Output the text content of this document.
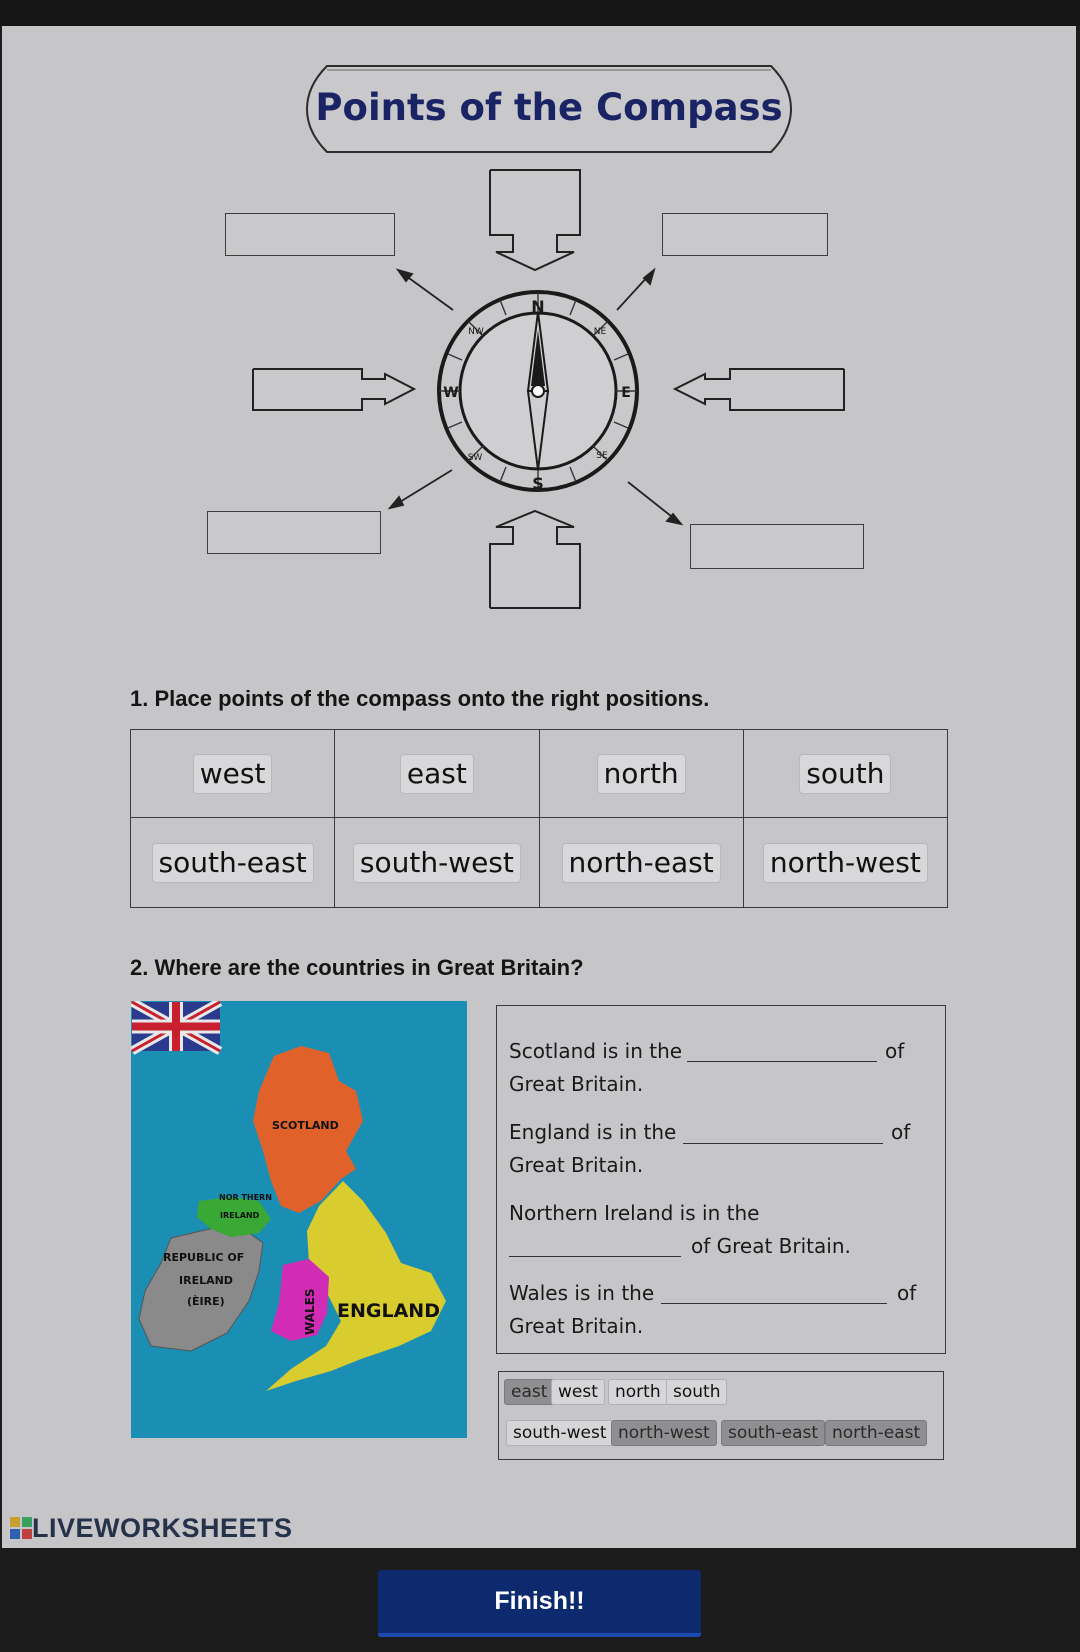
Points of the Compass
N
S
E
W
NE
NW
SE
SW
1. Place points of the compass onto the right positions.
west	east	north	south
south-east	south-west	north-east	north-west
2. Where are the countries in Great Britain?
SCOTLAND
NOR THERN
IRELAND
REPUBLIC OF
IRELAND
(ÈIRE)	ENGLAND
WALES
Scotland is in the	of
Great Britain.
England is in the	of
Great Britain.
Northern Ireland is in the
of Great Britain.
Wales is in the	of
Great Britain.
east west	north south
south-west north-west	south-east north-east
LIVEWORKSHEETS
Finish!!
